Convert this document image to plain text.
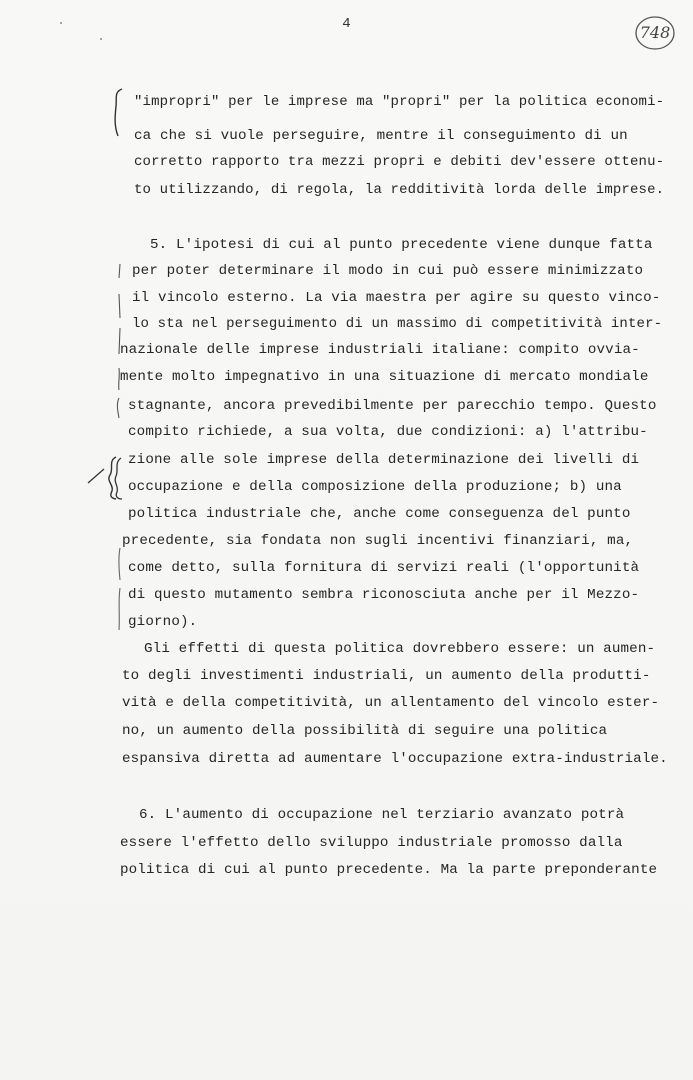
4	748
"impropri" per le imprese ma "propri" per la politica economi-
ca che si vuole perseguire, mentre il conseguimento di un
corretto rapporto tra mezzi propri e debiti dev'essere ottenu-
to utilizzando, di regola, la redditività lorda delle imprese.
5. L'ipotesi di cui al punto precedente viene dunque fatta
per poter determinare il modo in cui può essere minimizzato
il vincolo esterno. La via maestra per agire su questo vinco-
lo sta nel perseguimento di un massimo di competitività inter-
nazionale delle imprese industriali italiane: compito ovvia-
mente molto impegnativo in una situazione di mercato mondiale
stagnante, ancora prevedibilmente per parecchio tempo. Questo
compito richiede, a sua volta, due condizioni: a) l'attribu-
zione alle sole imprese della determinazione dei livelli di
occupazione e della composizione della produzione; b) una
politica industriale che, anche come conseguenza del punto
precedente, sia fondata non sugli incentivi finanziari, ma,
come detto, sulla fornitura di servizi reali (l'opportunità
di questo mutamento sembra riconosciuta anche per il Mezzo-
giorno).
Gli effetti di questa politica dovrebbero essere: un aumen-
to degli investimenti industriali, un aumento della produtti-
vità e della competitività, un allentamento del vincolo ester-
no, un aumento della possibilità di seguire una politica
espansiva diretta ad aumentare l'occupazione extra-industriale.
6. L'aumento di occupazione nel terziario avanzato potrà
essere l'effetto dello sviluppo industriale promosso dalla
politica di cui al punto precedente. Ma la parte preponderante
